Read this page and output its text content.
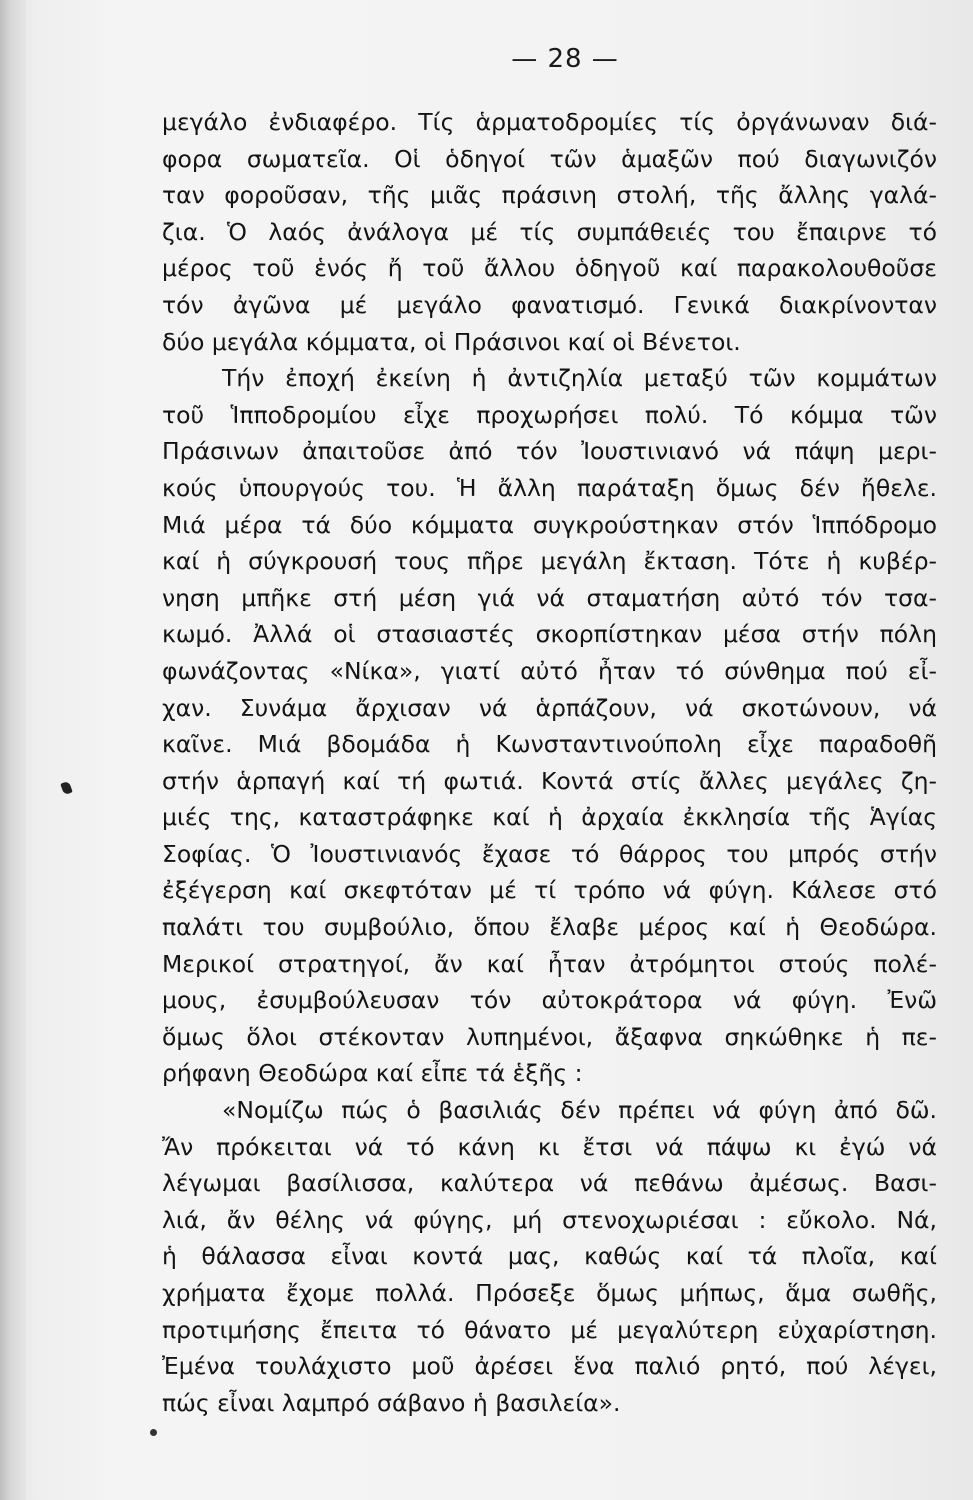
— 28 —
μεγάλο ἐνδιαφέρο. Τίς ἁρματοδρομίες τίς ὀργάνωναν διά-
φορα σωματεῖα. Οἱ ὁδηγοί τῶν ἁμαξῶν πού διαγωνιζόν
ταν φοροῦσαν, τῆς μιᾶς πράσινη στολή, τῆς ἄλλης γαλά-
ζια. Ὁ λαός ἀνάλογα μέ τίς συμπάθειές του ἔπαιρνε τό
μέρος τοῦ ἑνός ἤ τοῦ ἄλλου ὁδηγοῦ καί παρακολουθοῦσε
τόν ἀγῶνα μέ μεγάλο φανατισμό. Γενικά διακρίνονταν
δύο μεγάλα κόμματα, οἱ Πράσινοι καί οἱ Βένετοι.
Τήν ἐποχή ἐκείνη ἡ ἀντιζηλία μεταξύ τῶν κομμάτων
τοῦ Ἱπποδρομίου εἶχε προχωρήσει πολύ. Τό κόμμα τῶν
Πράσινων ἀπαιτοῦσε ἀπό τόν Ἰουστινιανό νά πάψη μερι-
κούς ὑπουργούς του. Ἡ ἄλλη παράταξη ὅμως δέν ἤθελε.
Μιά μέρα τά δύο κόμματα συγκρούστηκαν στόν Ἱππόδρομο
καί ἡ σύγκρουσή τους πῆρε μεγάλη ἔκταση. Τότε ἡ κυβέρ-
νηση μπῆκε στή μέση γιά νά σταματήση αὐτό τόν τσα-
κωμό. Ἀλλά οἱ στασιαστές σκορπίστηκαν μέσα στήν πόλη
φωνάζοντας «Νίκα», γιατί αὐτό ἦταν τό σύνθημα πού εἶ-
χαν. Συνάμα ἄρχισαν νά ἁρπάζουν, νά σκοτώνουν, νά
καῖνε. Μιά βδομάδα ἡ Κωνσταντινούπολη εἶχε παραδοθῆ
στήν ἁρπαγή καί τή φωτιά. Κοντά στίς ἄλλες μεγάλες ζη-
μιές της, καταστράφηκε καί ἡ ἀρχαία ἐκκλησία τῆς Ἁγίας
Σοφίας. Ὁ Ἰουστινιανός ἔχασε τό θάρρος του μπρός στήν
ἐξέγερση καί σκεφτόταν μέ τί τρόπο νά φύγη. Κάλεσε στό
παλάτι του συμβούλιο, ὅπου ἔλαβε μέρος καί ἡ Θεοδώρα.
Μερικοί στρατηγοί, ἄν καί ἦταν ἀτρόμητοι στούς πολέ-
μους, ἐσυμβούλευσαν τόν αὐτοκράτορα νά φύγη. Ἐνῶ
ὅμως ὅλοι στέκονταν λυπημένοι, ἄξαφνα σηκώθηκε ἡ πε-
ρήφανη Θεοδώρα καί εἶπε τά ἑξῆς :
«Νομίζω πώς ὁ βασιλιάς δέν πρέπει νά φύγη ἀπό δῶ.
Ἄν πρόκειται νά τό κάνη κι ἔτσι νά πάψω κι ἐγώ νά
λέγωμαι βασίλισσα, καλύτερα νά πεθάνω ἀμέσως. Βασι-
λιά, ἄν θέλης νά φύγης, μή στενοχωριέσαι : εὔκολο. Νά,
ἡ θάλασσα εἶναι κοντά μας, καθώς καί τά πλοῖα, καί
χρήματα ἔχομε πολλά. Πρόσεξε ὅμως μήπως, ἅμα σωθῆς,
προτιμήσης ἔπειτα τό θάνατο μέ μεγαλύτερη εὐχαρίστηση.
Ἐμένα τουλάχιστο μοῦ ἀρέσει ἕνα παλιό ρητό, πού λέγει,
πώς εἶναι λαμπρό σάβανο ἡ βασιλεία».
